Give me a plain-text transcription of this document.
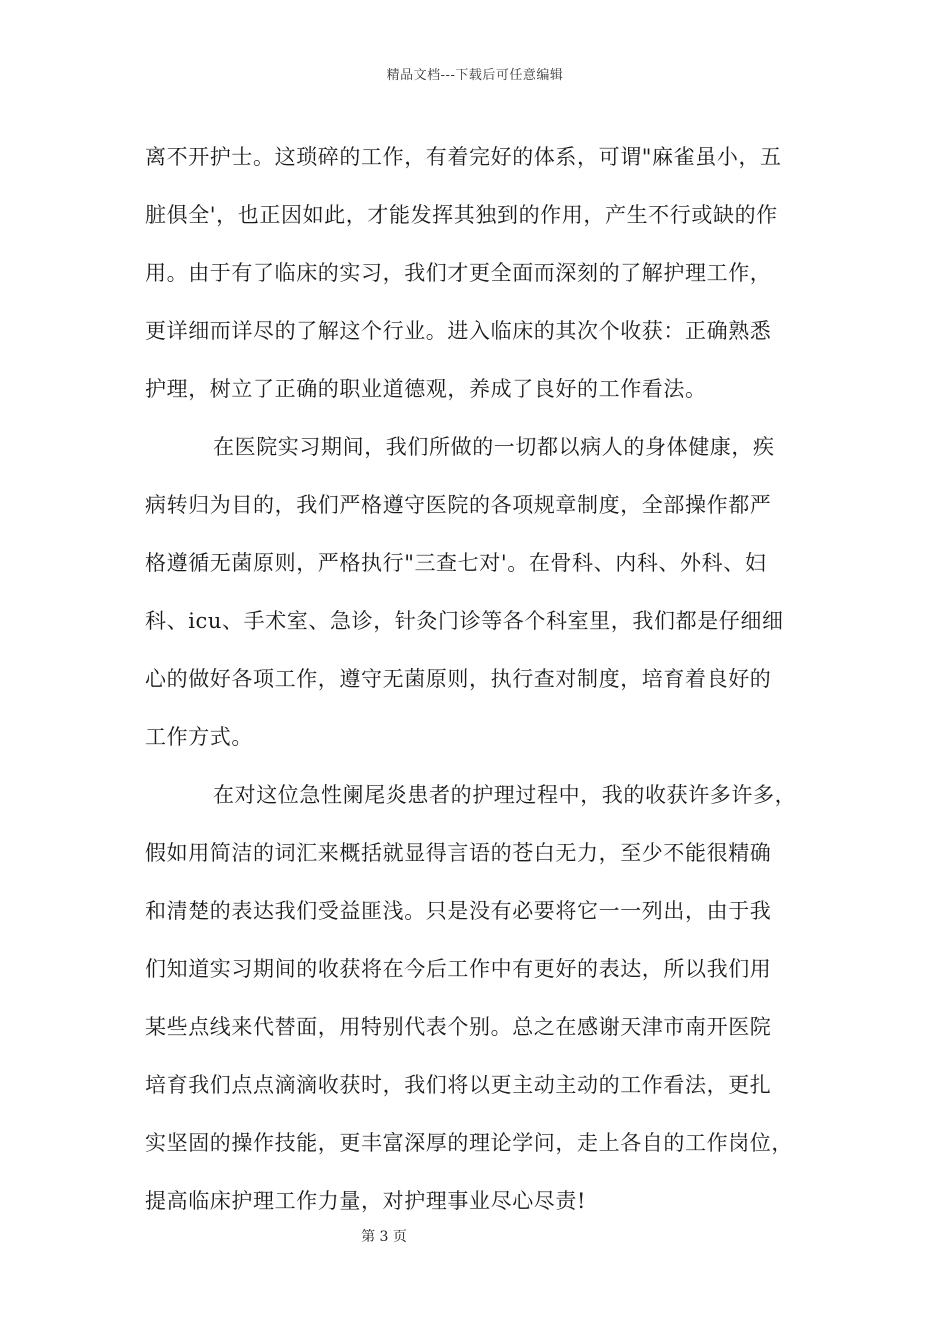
精品文档---下载后可任意编辑
离不开护士。这琐碎的工作，有着完好的体系，可谓"麻雀虽小，五
脏俱全'，也正因如此，才能发挥其独到的作用，产生不行或缺的作
用。由于有了临床的实习，我们才更全面而深刻的了解护理工作，
更详细而详尽的了解这个行业。进入临床的其次个收获：正确熟悉
护理，树立了正确的职业道德观，养成了良好的工作看法。
在医院实习期间，我们所做的一切都以病人的身体健康，疾
病转归为目的，我们严格遵守医院的各项规章制度，全部操作都严
格遵循无菌原则，严格执行"三查七对'。在骨科、内科、外科、妇
科、icu、手术室、急诊，针灸门诊等各个科室里，我们都是仔细细
心的做好各项工作，遵守无菌原则，执行查对制度，培育着良好的
工作方式。
在对这位急性阑尾炎患者的护理过程中，我的收获许多许多，
假如用简洁的词汇来概括就显得言语的苍白无力，至少不能很精确
和清楚的表达我们受益匪浅。只是没有必要将它一一列出，由于我
们知道实习期间的收获将在今后工作中有更好的表达，所以我们用
某些点线来代替面，用特别代表个别。总之在感谢天津市南开医院
培育我们点点滴滴收获时，我们将以更主动主动的工作看法，更扎
实坚固的操作技能，更丰富深厚的理论学问，走上各自的工作岗位，
提高临床护理工作力量，对护理事业尽心尽责!
第 3 页
